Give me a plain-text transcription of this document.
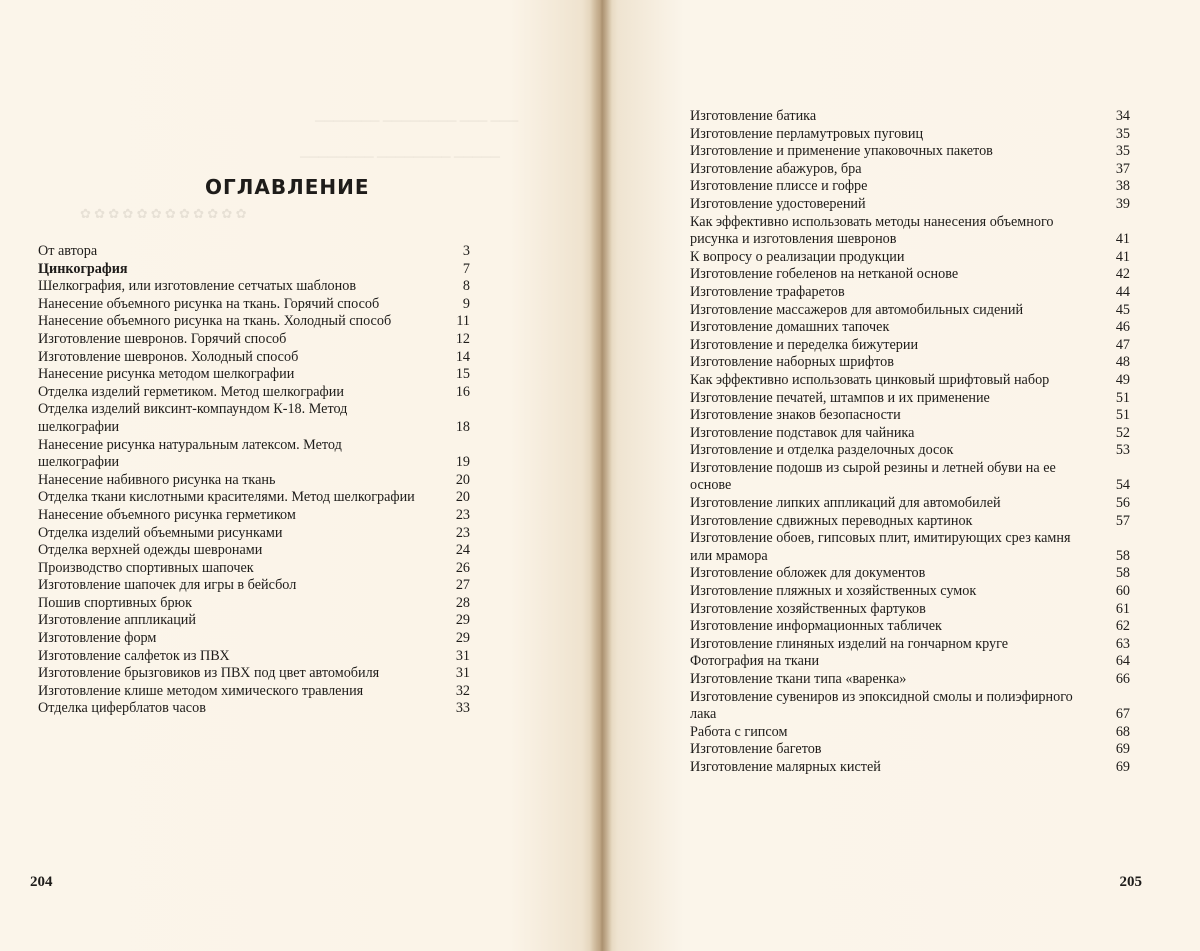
─────── ──────── ─── ───
──────── ──────── ─────
✿ ✿ ✿ ✿ ✿ ✿ ✿ ✿ ✿ ✿ ✿ ✿
ОГЛАВЛЕНИЕ
От автора	3
Цинкография	7
Шелкография, или изготовление сетчатых шаблонов	8
Нанесение объемного рисунка на ткань. Горячий способ	9
Нанесение объемного рисунка на ткань. Холодный способ	11
Изготовление шевронов. Горячий способ	12
Изготовление шевронов. Холодный способ	14
Нанесение рисунка методом шелкографии	15
Отделка изделий герметиком. Метод шелкографии	16
Отделка изделий виксинт-компаундом К-18. Метод шелкографии	18
Нанесение рисунка натуральным латексом. Метод шелкографии	19
Нанесение набивного рисунка на ткань	20
Отделка ткани кислотными красителями. Метод шелкографии	20
Нанесение объемного рисунка герметиком	23
Отделка изделий объемными рисунками	23
Отделка верхней одежды шевронами	24
Производство спортивных шапочек	26
Изготовление шапочек для игры в бейсбол	27
Пошив спортивных брюк	28
Изготовление аппликаций	29
Изготовление форм	29
Изготовление салфеток из ПВХ	31
Изготовление брызговиков из ПВХ под цвет автомобиля	31
Изготовление клише методом химического травления	32
Отделка циферблатов часов	33
204
Изготовление батика	34
Изготовление перламутровых пуговиц	35
Изготовление и применение упаковочных пакетов	35
Изготовление абажуров, бра	37
Изготовление плиссе и гофре	38
Изготовление удостоверений	39
Как эффективно использовать методы нанесения объемного рисунка и изготовления шевронов	41
К вопросу о реализации продукции	41
Изготовление гобеленов на нетканой основе	42
Изготовление трафаретов	44
Изготовление массажеров для автомобильных сидений	45
Изготовление домашних тапочек	46
Изготовление и переделка бижутерии	47
Изготовление наборных шрифтов	48
Как эффективно использовать цинковый шрифтовый набор	49
Изготовление печатей, штампов и их применение	51
Изготовление знаков безопасности	51
Изготовление подставок для чайника	52
Изготовление и отделка разделочных досок	53
Изготовление подошв из сырой резины и летней обуви на ее основе	54
Изготовление липких аппликаций для автомобилей	56
Изготовление сдвижных переводных картинок	57
Изготовление обоев, гипсовых плит, имитирующих срез камня или мрамора	58
Изготовление обложек для документов	58
Изготовление пляжных и хозяйственных сумок	60
Изготовление хозяйственных фартуков	61
Изготовление информационных табличек	62
Изготовление глиняных изделий на гончарном круге	63
Фотография на ткани	64
Изготовление ткани типа «варенка»	66
Изготовление сувениров из эпоксидной смолы и полиэфирного лака	67
Работа с гипсом	68
Изготовление багетов	69
Изготовление малярных кистей	69
205
